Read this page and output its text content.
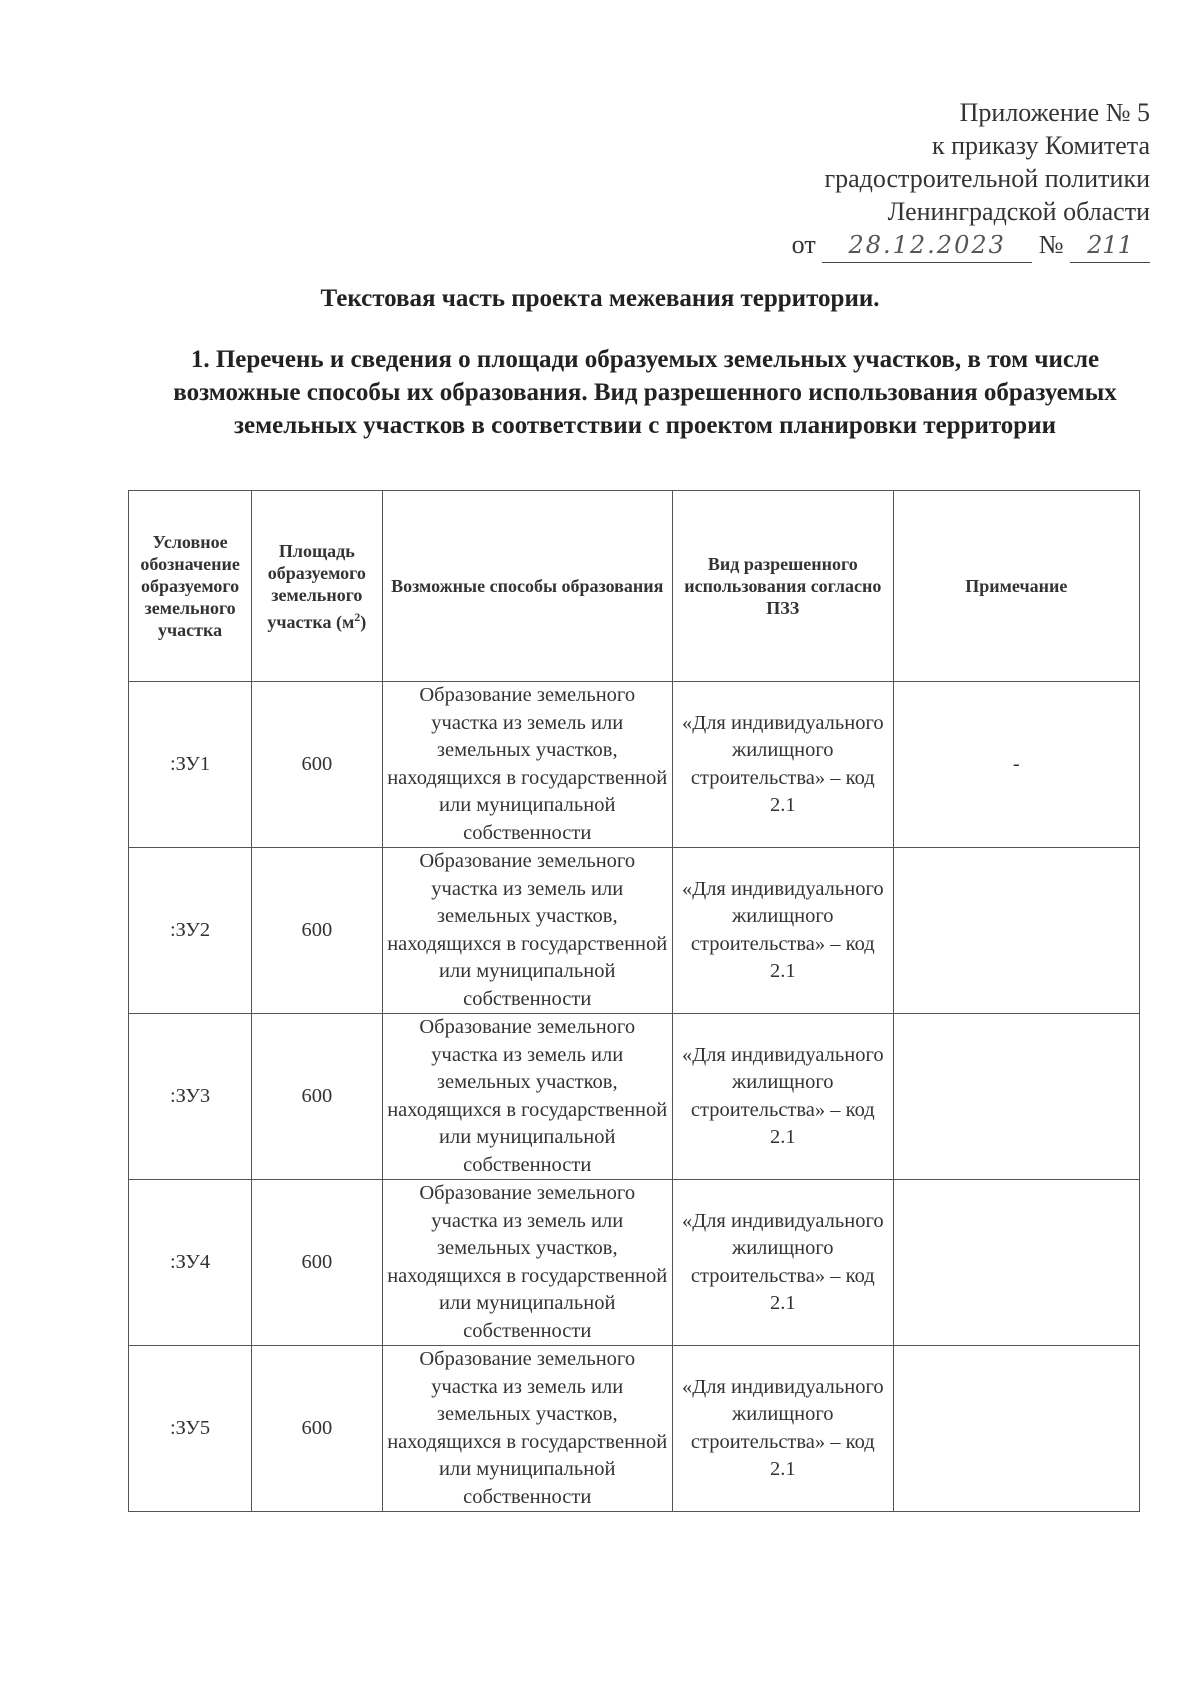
Приложение № 5
к приказу Комитета
градостроительной политики
Ленинградской области
от 28.12.2023 № 211
Текстовая часть проекта межевания территории.
1. Перечень и сведения о площади образуемых земельных участков, в том числе возможные способы их образования. Вид разрешенного использования образуемых земельных участков в соответствии с проектом планировки территории
Условное обозначение образуемого земельного участка	Площадь образуемого земельного участка $(м^2)$	Возможные способы образования	Вид разрешенного использования согласно ПЗЗ	Примечание
:ЗУ1	600	Образование земельного участка из земель или земельных участков, находящихся в государственной или муниципальной собственности	«Для индивидуального жилищного строительства» – код 2.1	-
:ЗУ2	600	Образование земельного участка из земель или земельных участков, находящихся в государственной или муниципальной собственности	«Для индивидуального жилищного строительства» – код 2.1	
:ЗУ3	600	Образование земельного участка из земель или земельных участков, находящихся в государственной или муниципальной собственности	«Для индивидуального жилищного строительства» – код 2.1	
:ЗУ4	600	Образование земельного участка из земель или земельных участков, находящихся в государственной или муниципальной собственности	«Для индивидуального жилищного строительства» – код 2.1	
:ЗУ5	600	Образование земельного участка из земель или земельных участков, находящихся в государственной или муниципальной собственности	«Для индивидуального жилищного строительства» – код 2.1	
